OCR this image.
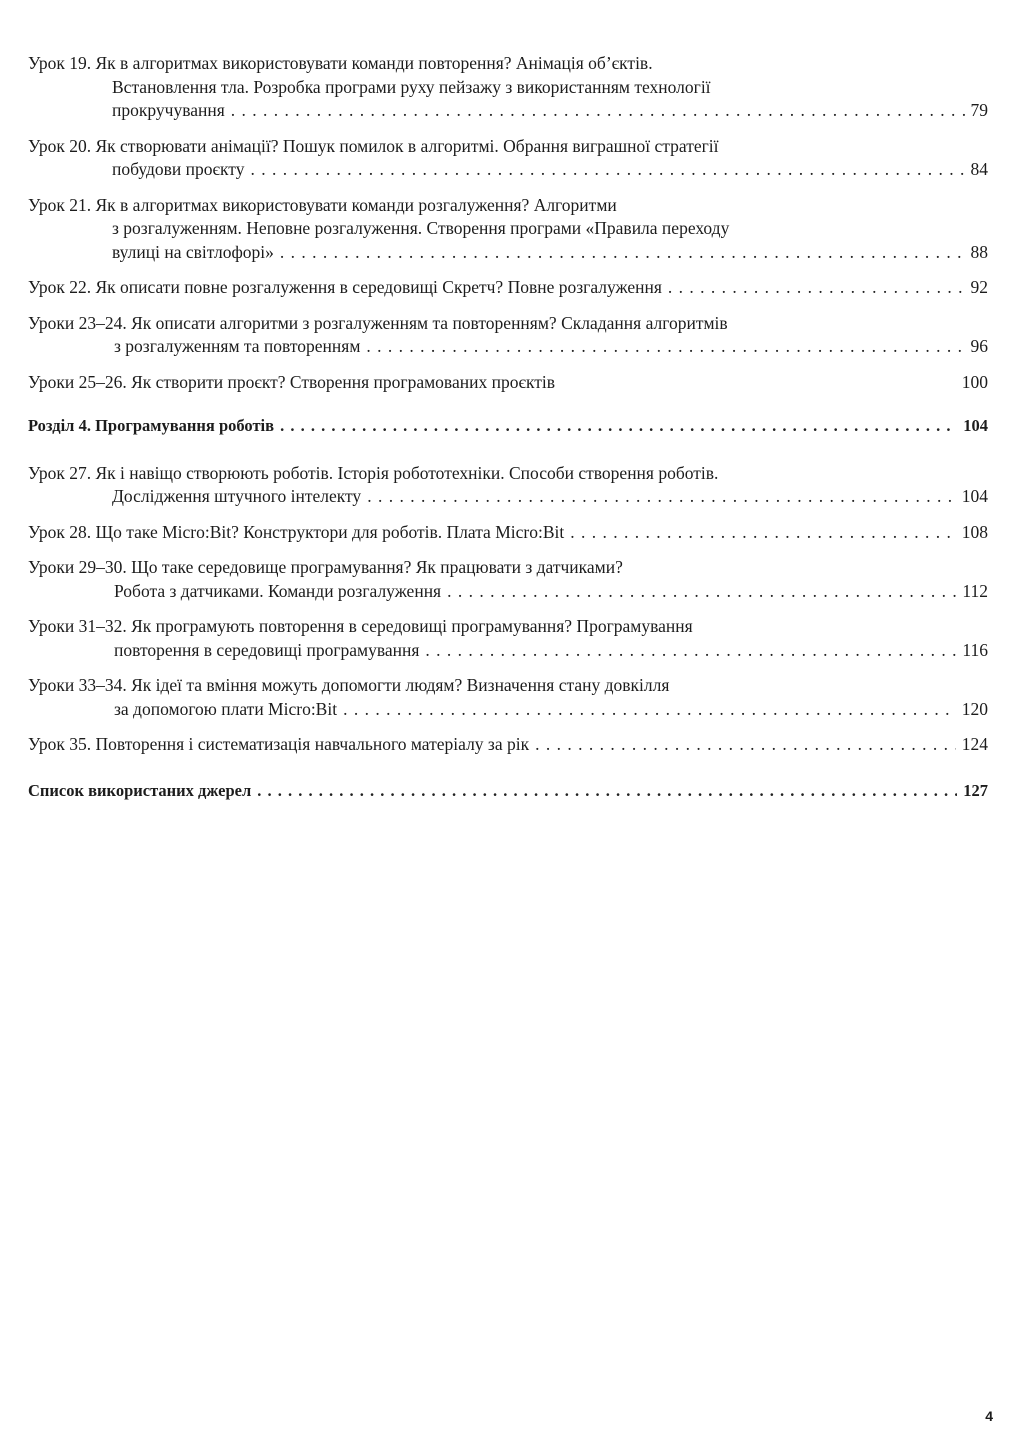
Урок 19. Як в алгоритмах використовувати команди повторення? Анімація об’єктів.
Встановлення тла. Розробка програми руху пейзажу з використанням технології
прокручування . . .	79
Урок 20. Як створювати анімації? Пошук помилок в алгоритмі. Обрання виграшної стратегії
побудови проєкту . . .	84
Урок 21. Як в алгоритмах використовувати команди розгалуження? Алгоритми
з розгалуженням. Неповне розгалуження. Створення програми «Правила переходу
вулиці на світлофорі» . . .	88
Урок 22. Як описати повне розгалуження в середовищі Скретч? Повне розгалуження . . .	92
Уроки 23–24. Як описати алгоритми з розгалуженням та повторенням? Складання алгоритмів
з розгалуженням та повторенням . . .	96
Уроки 25–26. Як створити проєкт? Створення програмованих проєктів	100
Розділ 4. Програмування роботів . . .	104
Урок 27. Як і навіщо створюють роботів. Історія робототехніки. Способи створення роботів.
Дослідження штучного інтелекту . . .	104
Урок 28. Що таке Micro:Bit? Конструктори для роботів. Плата Micro:Bit . . .	108
Уроки 29–30. Що таке середовище програмування? Як працювати з датчиками?
Робота з датчиками. Команди розгалуження . . .	112
Уроки 31–32. Як програмують повторення в середовищі програмування? Програмування
повторення в середовищі програмування . . .	116
Уроки 33–34. Як ідеї та вміння можуть допомогти людям? Визначення стану довкілля
за допомогою плати Micro:Bit . . .	120
Урок 35. Повторення і систематизація навчального матеріалу за рік . . .	124
Список використаних джерел . . .	127
4
